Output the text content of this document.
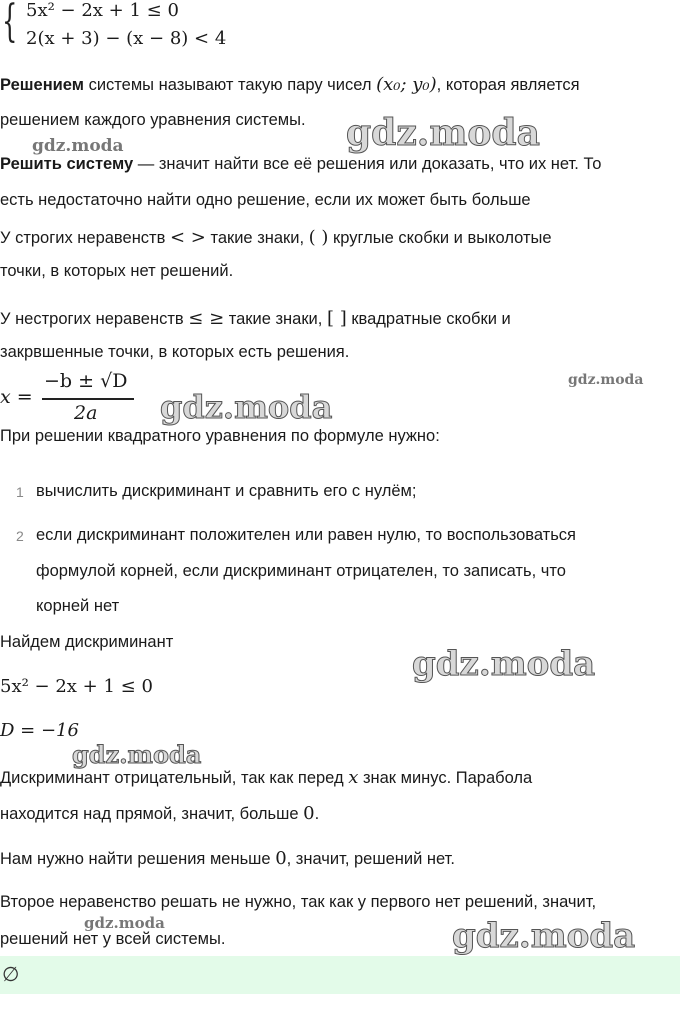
{ 5x² − 2x + 1 ≤ 0
2(x + 3) − (x − 8) < 4
Решением системы называют такую пару чисел (x₀; y₀), которая является
решением каждого уравнения системы.
Решить систему — значит найти все её решения или доказать, что их нет. То
есть недостаточно найти одно решение, если их может быть больше
У строгих неравенств < > такие знаки, ( ) круглые скобки и выколотые
точки, в которых нет решений.
У нестрогих неравенств ≤ ≥ такие знаки, [ ] квадратные скобки и
закрвшенные точки, в которых есть решения.
x =
−b ± √D
2a
При решении квадратного уравнения по формуле нужно:
1 вычислить дискриминант и сравнить его с нулём;
2 если дискриминант положителен или равен нулю, то воспользоваться
формулой корней, если дискриминант отрицателен, то записать, что
корней нет
Найдем дискриминант
5x² − 2x + 1 ≤ 0
D = −16
Дискриминант отрицательный, так как перед x знак минус. Парабола
находится над прямой, значит, больше 0.
Нам нужно найти решения меньше 0, значит, решений нет.
Второе неравенство решать не нужно, так как у первого нет решений, значит,
решений нет у всей системы.
∅
gdz.moda
gdz.moda
gdz.moda
gdz.moda
gdz.moda
gdz.moda
gdz.moda	gdz.moda
